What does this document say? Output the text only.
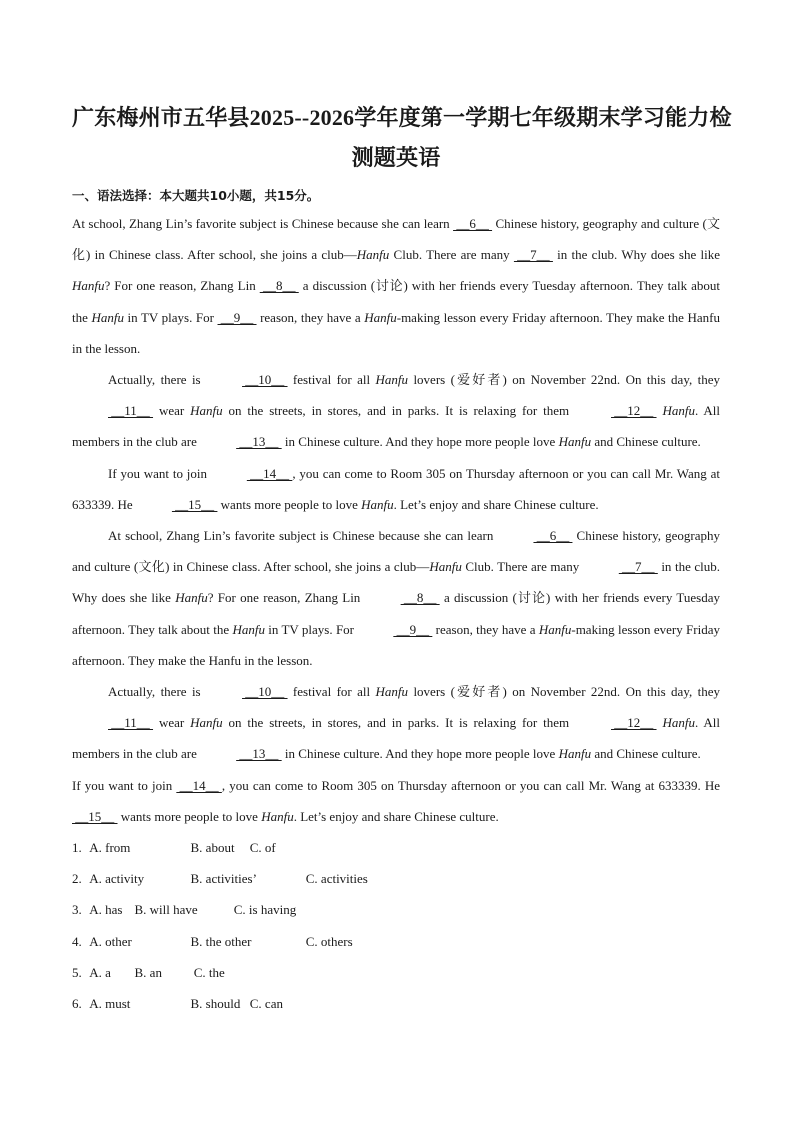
广东梅州市五华县2025--2026学年度第一学期七年级期末学习能力检
测题英语

一、语法选择：本大题共10小题，共15分。

At school, Zhang Lin’s favorite subject is Chinese because she can learn  __6__  Chinese history, geography and culture (文化) in Chinese class. After school, she joins a club—Hanfu Club. There are many  __7__  in the club. Why does she like Hanfu? For one reason, Zhang Lin  __8__  a discussion (讨论) with her friends every Tuesday afternoon. They talk about the Hanfu in TV plays. For  __9__  reason, they have a Hanfu-making lesson every Friday afternoon. They make the Hanfu in the lesson.

Actually, there is	__10__  festival for all Hanfu lovers (爱好者) on November 22nd. On this day, they  __11__  wear Hanfu on the streets, in stores, and in parks. It is relaxing for them	__12__  Hanfu. All members in the club are	__13__  in Chinese culture. And they hope more people love Hanfu and Chinese culture.

If you want to join	__14__ , you can come to Room 305 on Thursday afternoon or you can call Mr. Wang at 633339. He	__15__  wants more people to love Hanfu. Let’s enjoy and share Chinese culture.

At school, Zhang Lin’s favorite subject is Chinese because she can learn	__6__  Chinese history, geography and culture (文化) in Chinese class. After school, she joins a club—Hanfu Club. There are many	__7__  in the club. Why does she like Hanfu? For one reason, Zhang Lin	__8__  a discussion (讨论) with her friends every Tuesday afternoon. They talk about the Hanfu in TV plays. For	__9__  reason, they have a Hanfu-making lesson every Friday afternoon. They make the Hanfu in the lesson.

Actually, there is	__10__  festival for all Hanfu lovers (爱好者) on November 22nd. On this day, they  __11__  wear Hanfu on the streets, in stores, and in parks. It is relaxing for them	__12__  Hanfu. All members in the club are	__13__  in Chinese culture. And they hope more people love Hanfu and Chinese culture.

If you want to join  __14__ , you can come to Room 305 on Thursday afternoon or you can call Mr. Wang at 633339. He  __15__  wants more people to love Hanfu. Let’s enjoy and share Chinese culture.

1. A. from	B. about C. of
2. A. activity	B. activities’	C. activities
3. A. has B. will have	C. is having
4. A. other	B. the other	C. others
5. A. a B. an C. the
6. A. must	B. should C. can
